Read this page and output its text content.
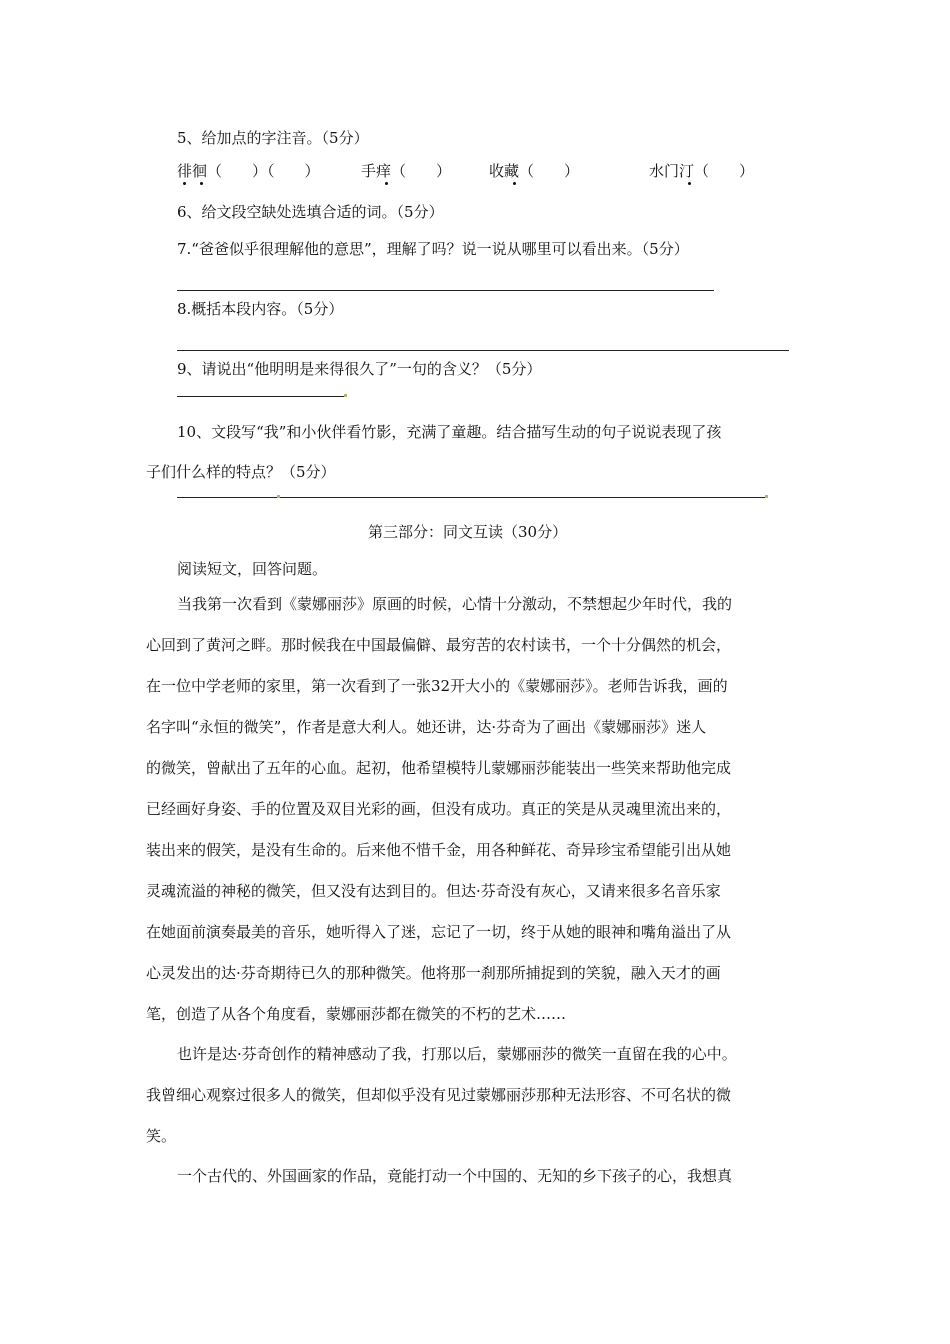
5、给加点的字注音。（5分）
徘徊（　　）（　　）	手痒（　　）	收藏（　　）	水门汀（　　）
6、给文段空缺处选填合适的词。（5分）
7.“爸爸似乎很理解他的意思”，理解了吗？说一说从哪里可以看出来。（5分）
8.概括本段内容。（5分）
9、请说出“他明明是来得很久了”一句的含义？（5分）
10、文段写“我”和小伙伴看竹影，充满了童趣。结合描写生动的句子说说表现了孩
子们什么样的特点？（5分）
第三部分：同文互读（30分）
阅读短文，回答问题。
当我第一次看到《蒙娜丽莎》原画的时候，心情十分激动，不禁想起少年时代，我的
心回到了黄河之畔。那时候我在中国最偏僻、最穷苦的农村读书，一个十分偶然的机会，
在一位中学老师的家里，第一次看到了一张32开大小的《蒙娜丽莎》。老师告诉我，画的
名字叫“永恒的微笑”，作者是意大利人。她还讲，达·芬奇为了画出《蒙娜丽莎》迷人
的微笑，曾献出了五年的心血。起初，他希望模特儿蒙娜丽莎能装出一些笑来帮助他完成
已经画好身姿、手的位置及双目光彩的画，但没有成功。真正的笑是从灵魂里流出来的，
装出来的假笑，是没有生命的。后来他不惜千金，用各种鲜花、奇异珍宝希望能引出从她
灵魂流溢的神秘的微笑，但又没有达到目的。但达·芬奇没有灰心，又请来很多名音乐家
在她面前演奏最美的音乐，她听得入了迷，忘记了一切，终于从她的眼神和嘴角溢出了从
心灵发出的达·芬奇期待已久的那种微笑。他将那一刹那所捕捉到的笑貌，融入天才的画
笔，创造了从各个角度看，蒙娜丽莎都在微笑的不朽的艺术……
也许是达·芬奇创作的精神感动了我，打那以后，蒙娜丽莎的微笑一直留在我的心中。
我曾细心观察过很多人的微笑，但却似乎没有见过蒙娜丽莎那种无法形容、不可名状的微
笑。
一个古代的、外国画家的作品，竟能打动一个中国的、无知的乡下孩子的心，我想真
